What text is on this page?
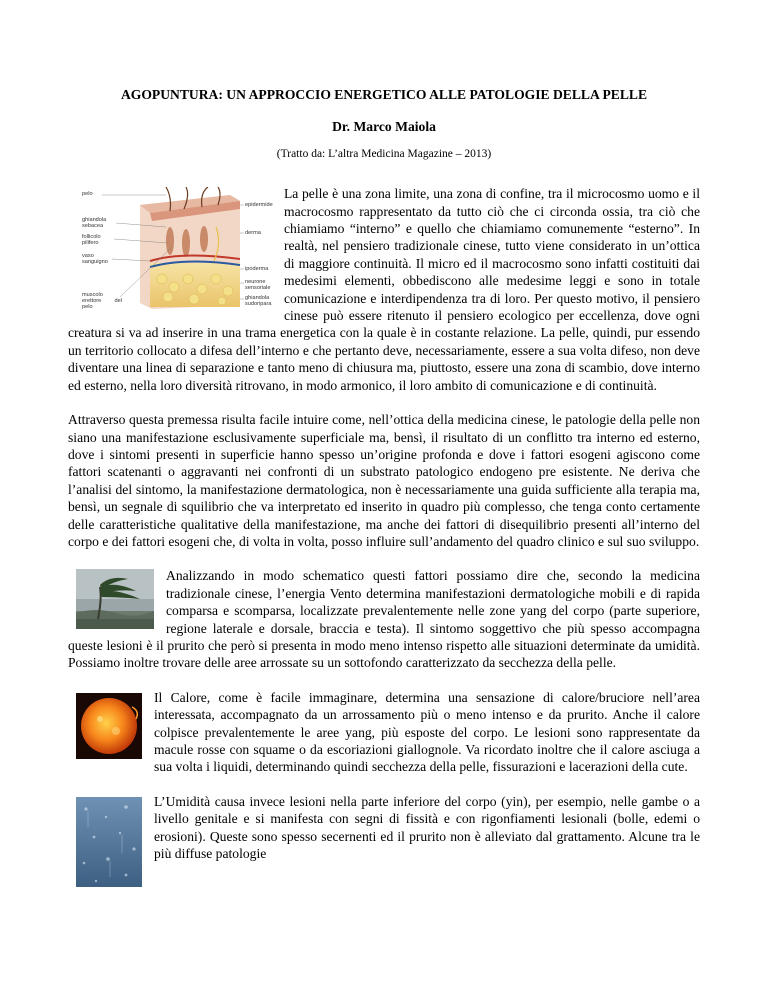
AGOPUNTURA: UN APPROCCIO ENERGETICO ALLE PATOLOGIE DELLA PELLE
Dr. Marco Maiola
(Tratto da: L’altra Medicina Magazine – 2013)

pelo
epidermide
ghiandola sebacea
derma
follicolo pilifero
vaso sanguigno
ipoderma
neurone sensoriale
muscolo erettore del pelo
ghiandola sudoripara
La pelle è una zona limite, una zona di confine, tra il microcosmo uomo e il macrocosmo rappresentato da tutto ciò che ci circonda ossia, tra ciò che chiamiamo “interno” e quello che chiamiamo comunemente “esterno”. In realtà, nel pensiero tradizionale cinese, tutto viene considerato in un’ottica di maggiore continuità. Il micro ed il macrocosmo sono infatti costituiti dai medesimi elementi, obbediscono alle medesime leggi e sono in totale comunicazione e interdipendenza tra di loro. Per questo motivo, il pensiero cinese può essere ritenuto il pensiero ecologico per eccellenza, dove ogni creatura si va ad inserire in una trama energetica con la quale è in costante relazione. La pelle, quindi, pur essendo un territorio collocato a difesa dell’interno e che pertanto deve, necessariamente, essere a sua volta difeso, non deve diventare una linea di separazione e tanto meno di chiusura ma, piuttosto, essere una zona di scambio, dove interno ed esterno, nella loro diversità ritrovano, in modo armonico, il loro ambito di comunicazione e di continuità.

Attraverso questa premessa risulta facile intuire come, nell’ottica della medicina cinese, le patologie della pelle non siano una manifestazione esclusivamente superficiale ma, bensì, il risultato di un conflitto tra interno ed esterno, dove i sintomi presenti in superficie hanno spesso un’origine profonda e dove i fattori esogeni agiscono come fattori scatenanti o aggravanti nei confronti di un substrato patologico endogeno pre esistente. Ne deriva che l’analisi del sintomo, la manifestazione dermatologica, non è necessariamente una guida sufficiente alla terapia ma, bensì, un segnale di squilibrio che va interpretato ed inserito in quadro più complesso, che tenga conto certamente delle caratteristiche qualitative della manifestazione, ma anche dei fattori di disequilibrio presenti all’interno del corpo e dei fattori esogeni che, di volta in volta, posso influire sull’andamento del quadro clinico e sul suo sviluppo.

Analizzando in modo schematico questi fattori possiamo dire che, secondo la medicina tradizionale cinese, l’energia Vento determina manifestazioni dermatologiche mobili e di rapida comparsa e scomparsa, localizzate prevalentemente nelle zone yang del corpo (parte superiore, regione laterale e dorsale, braccia e testa). Il sintomo soggettivo che più spesso accompagna queste lesioni è il prurito che però si presenta in modo meno intenso rispetto alle situazioni determinate da umidità. Possiamo inoltre trovare delle aree arrossate su un sottofondo caratterizzato da secchezza della pelle.

Il Calore, come è facile immaginare, determina una sensazione di calore/bruciore nell’area interessata, accompagnato da un arrossamento più o meno intenso e da prurito. Anche il calore colpisce prevalentemente le aree yang, più esposte del corpo. Le lesioni sono rappresentate da macule rosse con squame o da escoriazioni giallognole. Va ricordato inoltre che il calore asciuga a sua volta i liquidi, determinando quindi secchezza della pelle, fissurazioni e lacerazioni della cute.

L’Umidità causa invece lesioni nella parte inferiore del corpo (yin), per esempio, nelle gambe o a livello genitale e si manifesta con segni di fissità e con rigonfiamenti lesionali (bolle, edemi o erosioni). Queste sono spesso secernenti ed il prurito non è alleviato dal grattamento. Alcune tra le più diffuse patologie
